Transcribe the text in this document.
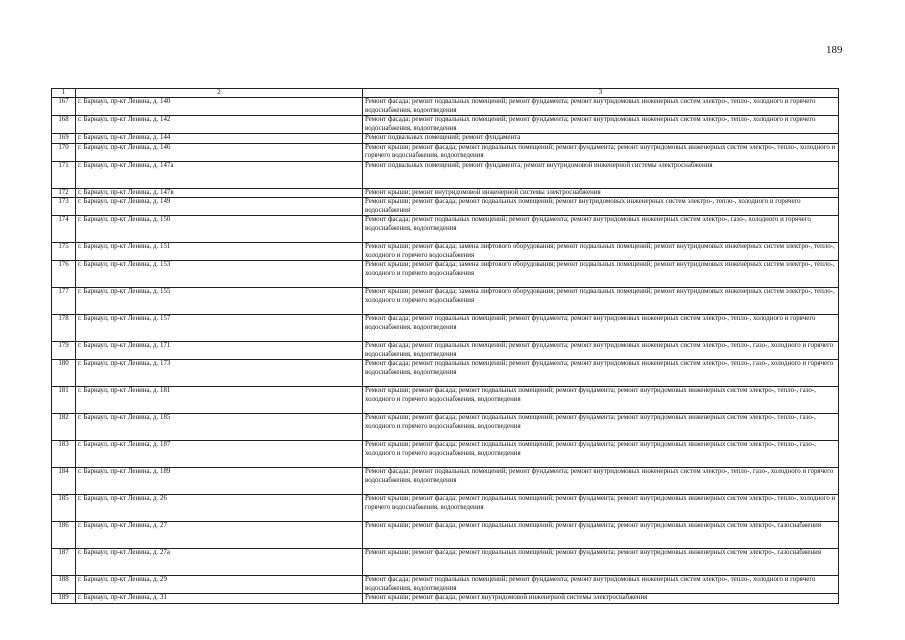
189
1	2	3
167	г. Барнаул, пр-кт Ленина, д. 140	Ремонт фасада; ремонт подвальных помещений; ремонт фундамента; ремонт внутридомовых инженерных систем электро-, тепло-, холодного и горячего водоснабжения, водоотведения
168	г. Барнаул, пр-кт Ленина, д. 142	Ремонт фасада; ремонт подвальных помещений; ремонт фундамента; ремонт внутридомовых инженерных систем электро-, тепло-, холодного и горячего водоснабжения, водоотведения
169	г. Барнаул, пр-кт Ленина, д. 144	Ремонт подвальных помещений; ремонт фундамента
170	г. Барнаул, пр-кт Ленина, д. 146	Ремонт крыши; ремонт фасада; ремонт подвальных помещений; ремонт фундамента; ремонт внутридомовых инженерных систем электро-, тепло-, холодного и горячего водоснабжения, водоотведения
171	г. Барнаул, пр-кт Ленина, д. 147а	Ремонт подвальных помещений; ремонт фундамента; ремонт внутридомовой инженерной системы электроснабжения
172	г. Барнаул, пр-кт Ленина, д. 147в	Ремонт крыши; ремонт внутридомовой инженерной системы электроснабжения
173	г. Барнаул, пр-кт Ленина, д. 149	Ремонт крыши; ремонт фасада; ремонт подвальных помещений; ремонт внутридомовых инженерных систем электро-, тепло-, холодного и горячего водоснабжения
174	г. Барнаул, пр-кт Ленина, д. 150	Ремонт фасада; ремонт подвальных помещений; ремонт фундамента; ремонт внутридомовых инженерных систем электро-, газо-, холодного и горячего водоснабжения, водоотведения
175	г. Барнаул, пр-кт Ленина, д. 151	Ремонт крыши; ремонт фасада; замена лифтового оборудования; ремонт подвальных помещений; ремонт внутридомовых инженерных систем электро-, тепло-, холодного и горячего водоснабжения
176	г. Барнаул, пр-кт Ленина, д. 153	Ремонт крыши; ремонт фасада; замена лифтового оборудования; ремонт подвальных помещений; ремонт внутридомовых инженерных систем электро-, тепло-, холодного и горячего водоснабжения
177	г. Барнаул, пр-кт Ленина, д. 155	Ремонт крыши; ремонт фасада; замена лифтового оборудования; ремонт подвальных помещений; ремонт внутридомовых инженерных систем электро-, тепло-, холодного и горячего водоснабжения
178	г. Барнаул, пр-кт Ленина, д. 157	Ремонт фасада; ремонт подвальных помещений; ремонт фундамента; ремонт внутридомовых инженерных систем электро-, тепло-, холодного и горячего водоснабжения, водоотведения
179	г. Барнаул, пр-кт Ленина, д. 171	Ремонт фасада; ремонт подвальных помещений; ремонт фундамента; ремонт внутридомовых инженерных систем электро-, тепло-, газо-, холодного и горячего водоснабжения, водоотведения
180	г. Барнаул, пр-кт Ленина, д. 173	Ремонт фасада; ремонт подвальных помещений; ремонт фундамента; ремонт внутридомовых инженерных систем электро-, тепло-, газо-, холодного и горячего водоснабжения, водоотведения
181	г. Барнаул, пр-кт Ленина, д. 181	Ремонт крыши; ремонт фасада; ремонт подвальных помещений; ремонт фундамента; ремонт внутридомовых инженерных систем электро-, тепло-, газо-, холодного и горячего водоснабжения, водоотведения
182	г. Барнаул, пр-кт Ленина, д. 185	Ремонт крыши; ремонт фасада; ремонт подвальных помещений; ремонт фундамента; ремонт внутридомовых инженерных систем электро-, тепло-, газо-, холодного и горячего водоснабжения, водоотведения
183	г. Барнаул, пр-кт Ленина, д. 187	Ремонт крыши; ремонт фасада; ремонт подвальных помещений; ремонт фундамента; ремонт внутридомовых инженерных систем электро-, тепло-, газо-, холодного и горячего водоснабжения, водоотведения
184	г. Барнаул, пр-кт Ленина, д. 189	Ремонт фасада; ремонт подвальных помещений; ремонт фундамента; ремонт внутридомовых инженерных систем электро-, тепло-, газо-, холодного и горячего водоснабжения, водоотведения
185	г. Барнаул, пр-кт Ленина, д. 26	Ремонт крыши; ремонт фасада; ремонт подвальных помещений; ремонт фундамента; ремонт внутридомовых инженерных систем электро-, тепло-, холодного и горячего водоснабжения, водоотведения
186	г. Барнаул, пр-кт Ленина, д. 27	Ремонт крыши; ремонт фасада; ремонт подвальных помещений; ремонт фундамента; ремонт внутридомовых инженерных систем электро-, газоснабжения
187	г. Барнаул, пр-кт Ленина, д. 27а	Ремонт крыши; ремонт фасада; ремонт подвальных помещений; ремонт фундамента; ремонт внутридомовых инженерных систем электро-, газоснабжения
188	г. Барнаул, пр-кт Ленина, д. 29	Ремонт фасада; ремонт подвальных помещений; ремонт фундамента; ремонт внутридомовых инженерных систем электро-, тепло-, холодного и горячего водоснабжения, водоотведения
189	г. Барнаул, пр-кт Ленина, д. 31	Ремонт крыши; ремонт фасада; ремонт внутридомовой инженерной системы электроснабжения
